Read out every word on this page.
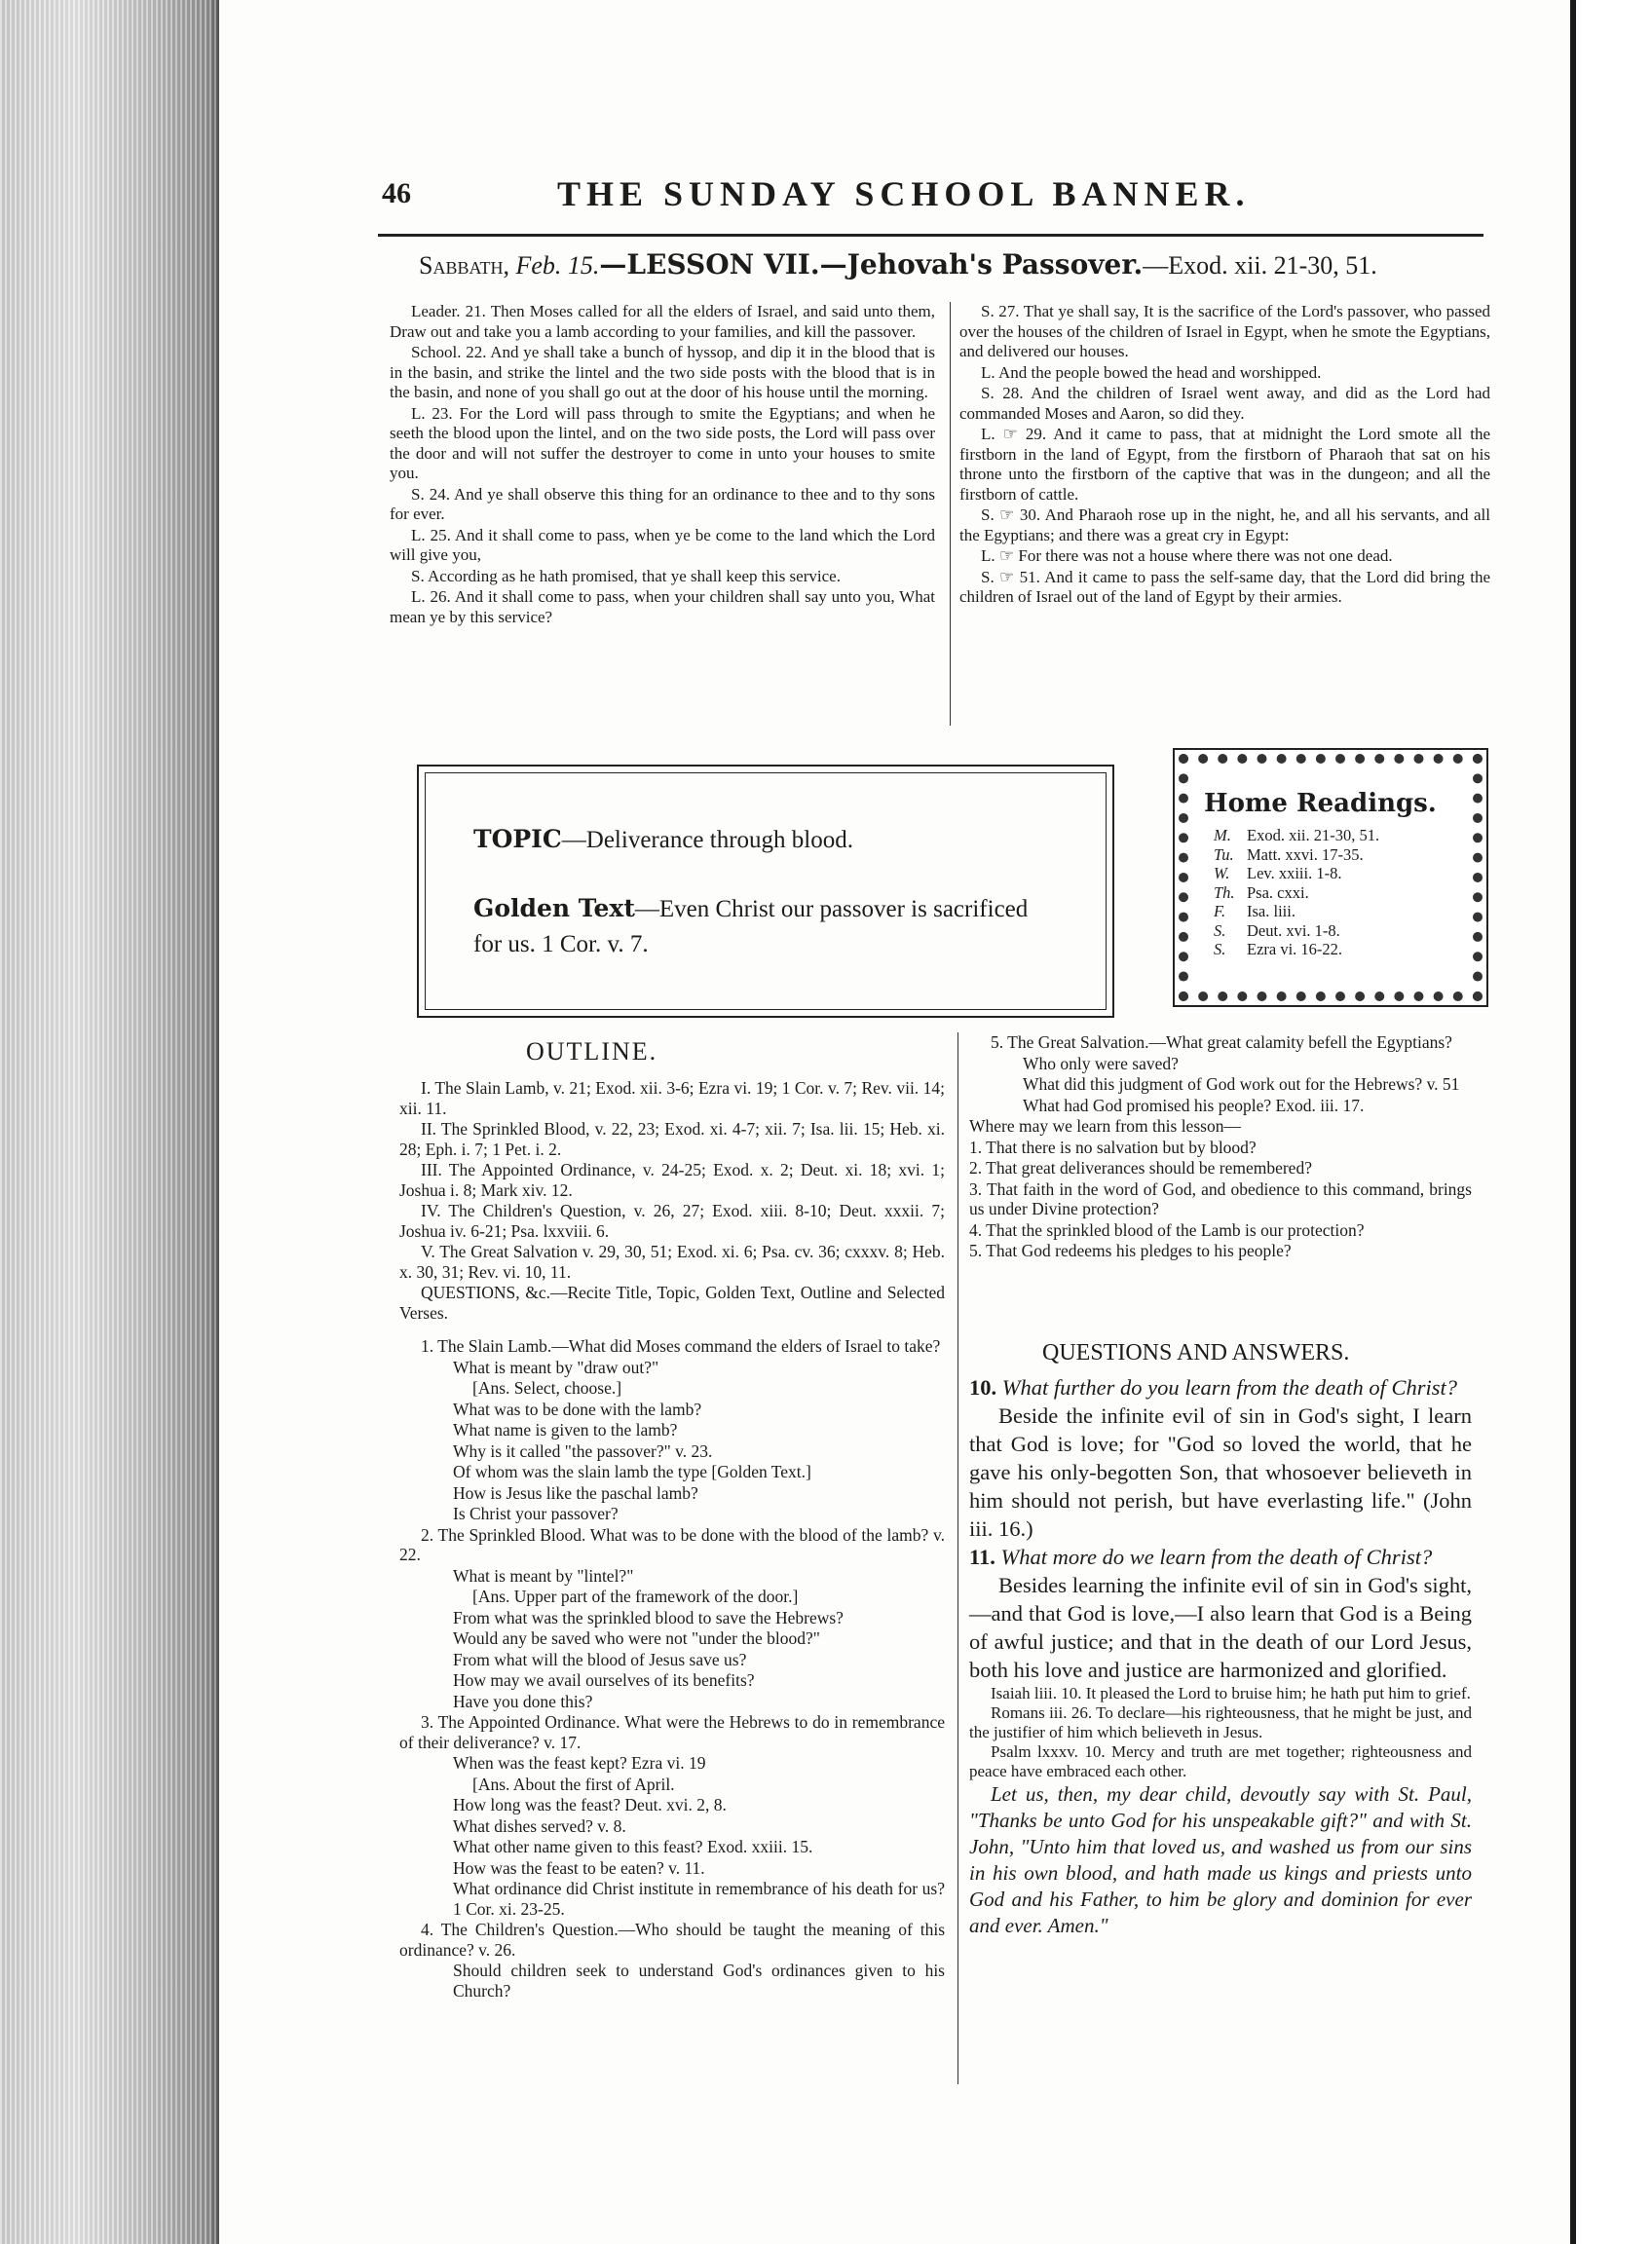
46	THE SUNDAY SCHOOL BANNER.
Sabbath, Feb. 15.—LESSON VII.—Jehovah's Passover.—Exod. xii. 21-30, 51.

Leader. 21. Then Moses called for all the elders of Israel, and said unto them, Draw out and take you a lamb according to your families, and kill the passover.

School. 22. And ye shall take a bunch of hyssop, and dip it in the blood that is in the basin, and strike the lintel and the two side posts with the blood that is in the basin, and none of you shall go out at the door of his house until the morning.

L. 23. For the Lord will pass through to smite the Egyptians; and when he seeth the blood upon the lintel, and on the two side posts, the Lord will pass over the door and will not suffer the destroyer to come in unto your houses to smite you.

S. 24. And ye shall observe this thing for an ordinance to thee and to thy sons for ever.

L. 25. And it shall come to pass, when ye be come to the land which the Lord will give you,

S. According as he hath promised, that ye shall keep this service.

L. 26. And it shall come to pass, when your children shall say unto you, What mean ye by this service?

S. 27. That ye shall say, It is the sacrifice of the Lord's passover, who passed over the houses of the children of Israel in Egypt, when he smote the Egyptians, and delivered our houses.

L. And the people bowed the head and worshipped.

S. 28. And the children of Israel went away, and did as the Lord had commanded Moses and Aaron, so did they.

L. ☞ 29. And it came to pass, that at midnight the Lord smote all the firstborn in the land of Egypt, from the firstborn of Pharaoh that sat on his throne unto the firstborn of the captive that was in the dungeon; and all the firstborn of cattle.

S. ☞ 30. And Pharaoh rose up in the night, he, and all his servants, and all the Egyptians; and there was a great cry in Egypt:

L. ☞ For there was not a house where there was not one dead.

S. ☞ 51. And it came to pass the self-same day, that the Lord did bring the children of Israel out of the land of Egypt by their armies.

TOPIC—Deliverance through blood.
Golden Text—Even Christ our passover is sacrificed for us. 1 Cor. v. 7.
Home Readings.
M. Exod. xii. 21-30, 51.
Tu. Matt. xxvi. 17-35.
W. Lev. xxiii. 1-8.
Th. Psa. cxxi.
F. Isa. liii.
S. Deut. xvi. 1-8.
S. Ezra vi. 16-22.
OUTLINE.

I. The Slain Lamb, v. 21; Exod. xii. 3-6; Ezra vi. 19; 1 Cor. v. 7; Rev. vii. 14; xii. 11.

II. The Sprinkled Blood, v. 22, 23; Exod. xi. 4-7; xii. 7; Isa. lii. 15; Heb. xi. 28; Eph. i. 7; 1 Pet. i. 2.

III. The Appointed Ordinance, v. 24-25; Exod. x. 2; Deut. xi. 18; xvi. 1; Joshua i. 8; Mark xiv. 12.

IV. The Children's Question, v. 26, 27; Exod. xiii. 8-10; Deut. xxxii. 7; Joshua iv. 6-21; Psa. lxxviii. 6.

V. The Great Salvation v. 29, 30, 51; Exod. xi. 6; Psa. cv. 36; cxxxv. 8; Heb. x. 30, 31; Rev. vi. 10, 11.

QUESTIONS, &c.—Recite Title, Topic, Golden Text, Outline and Selected Verses.

1. The Slain Lamb.—What did Moses command the elders of Israel to take?

What is meant by "draw out?"

[Ans. Select, choose.]

What was to be done with the lamb?

What name is given to the lamb?

Why is it called "the passover?" v. 23.

Of whom was the slain lamb the type [Golden Text.]

How is Jesus like the paschal lamb?

Is Christ your passover?

2. The Sprinkled Blood. What was to be done with the blood of the lamb? v. 22.

What is meant by "lintel?"

[Ans. Upper part of the framework of the door.]

From what was the sprinkled blood to save the Hebrews?

Would any be saved who were not "under the blood?"

From what will the blood of Jesus save us?

How may we avail ourselves of its benefits?

Have you done this?

3. The Appointed Ordinance. What were the Hebrews to do in remembrance of their deliverance? v. 17.

When was the feast kept? Ezra vi. 19

[Ans. About the first of April.

How long was the feast? Deut. xvi. 2, 8.

What dishes served? v. 8.

What other name given to this feast? Exod. xxiii. 15.

How was the feast to be eaten? v. 11.

What ordinance did Christ institute in remembrance of his death for us? 1 Cor. xi. 23-25.

4. The Children's Question.—Who should be taught the meaning of this ordinance? v. 26.

Should children seek to understand God's ordinances given to his Church?

5. The Great Salvation.—What great calamity befell the Egyptians?

Who only were saved?

What did this judgment of God work out for the Hebrews? v. 51

What had God promised his people? Exod. iii. 17.

Where may we learn from this lesson—

1. That there is no salvation but by blood?

2. That great deliverances should be remembered?

3. That faith in the word of God, and obedience to this command, brings us under Divine protection?

4. That the sprinkled blood of the Lamb is our protection?

5. That God redeems his pledges to his people?

QUESTIONS AND ANSWERS.

10. What further do you learn from the death of Christ?

Beside the infinite evil of sin in God's sight, I learn that God is love; for "God so loved the world, that he gave his only-begotten Son, that whosoever believeth in him should not perish, but have everlasting life." (John iii. 16.)

11. What more do we learn from the death of Christ?

Besides learning the infinite evil of sin in God's sight,—and that God is love,—I also learn that God is a Being of awful justice; and that in the death of our Lord Jesus, both his love and justice are harmonized and glorified.

Isaiah liii. 10. It pleased the Lord to bruise him; he hath put him to grief.

Romans iii. 26. To declare—his righteousness, that he might be just, and the justifier of him which believeth in Jesus.

Psalm lxxxv. 10. Mercy and truth are met together; righteousness and peace have embraced each other.

Let us, then, my dear child, devoutly say with St. Paul, "Thanks be unto God for his unspeakable gift?" and with St. John, "Unto him that loved us, and washed us from our sins in his own blood, and hath made us kings and priests unto God and his Father, to him be glory and dominion for ever and ever. Amen."
